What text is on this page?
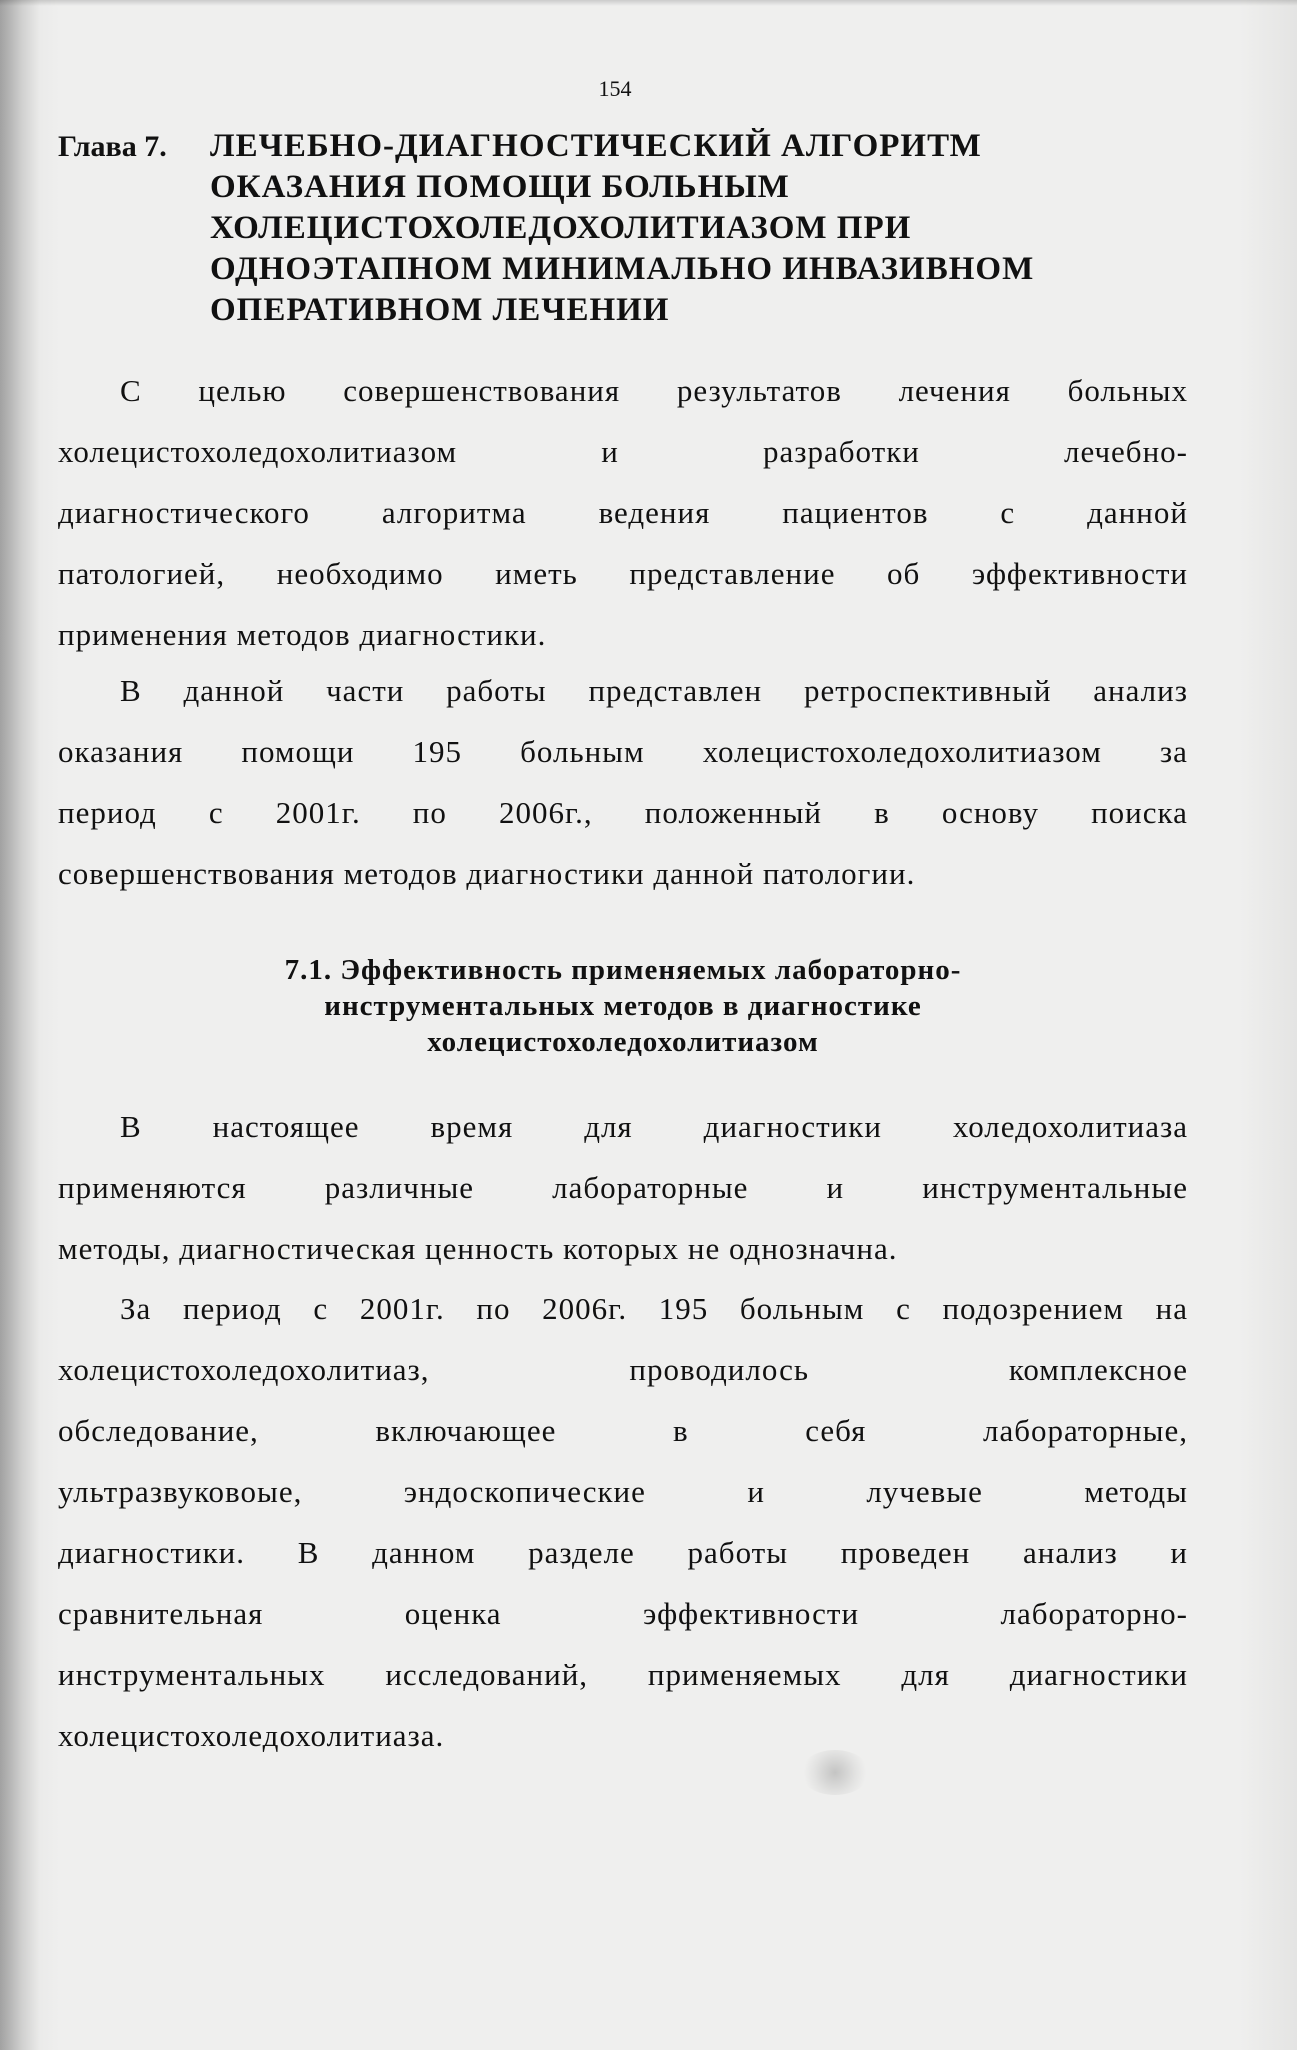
154
Глава 7. ЛЕЧЕБНО-ДИАГНОСТИЧЕСКИЙ АЛГОРИТМ
ОКАЗАНИЯ ПОМОЩИ БОЛЬНЫМ
ХОЛЕЦИСТОХОЛЕДОХОЛИТИАЗОМ ПРИ
ОДНОЭТАПНОМ МИНИМАЛЬНО ИНВАЗИВНОМ
ОПЕРАТИВНОМ ЛЕЧЕНИИ
С целью совершенствования результатов лечения больных
холецистохоледохолитиазом	и	разработки	лечебно-
диагностического алгоритма ведения пациентов с данной
патологией, необходимо иметь представление об эффективности
применения методов диагностики.
В данной части работы представлен ретроспективный анализ
оказания помощи 195 больным холецистохоледохолитиазом за
период с 2001г. по 2006г., положенный в основу поиска
совершенствования методов диагностики данной патологии.
7.1. Эффективность применяемых лабораторно-
инструментальных методов в диагностике
холецистохоледохолитиазом
В настоящее время для диагностики холедохолитиаза
применяются	различные	лабораторные	и	инструментальные
методы, диагностическая ценность которых не однозначна.
За период с 2001г. по 2006г. 195 больным с подозрением на
холецистохоледохолитиаз,	проводилось	комплексное
обследование,	включающее	в	себя	лабораторные,
ультразвуковоые,	эндоскопические	и	лучевые	методы
диагностики. В данном разделе работы проведен анализ и
сравнительная	оценка	эффективности	лабораторно-
инструментальных исследований, применяемых для диагностики
холецистохоледохолитиаза.
